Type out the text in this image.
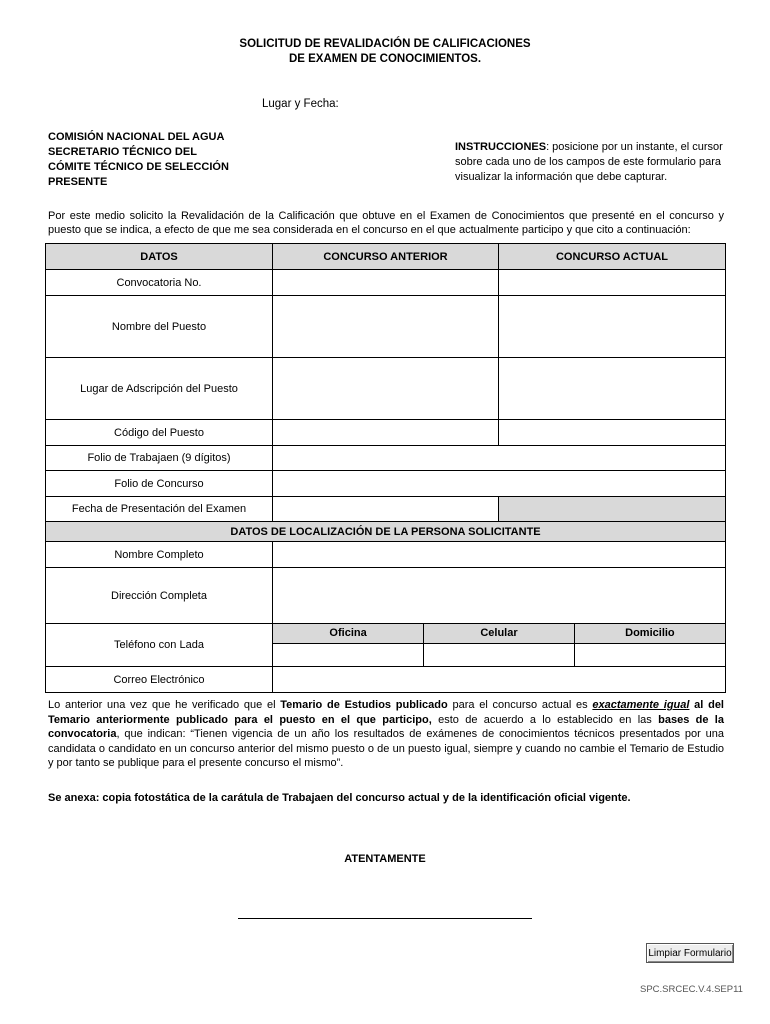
SOLICITUD DE REVALIDACIÓN DE CALIFICACIONES
DE EXAMEN DE CONOCIMIENTOS.
Lugar y Fecha:
COMISIÓN NACIONAL DEL AGUA
SECRETARIO TÉCNICO DEL
CÓMITE TÉCNICO DE SELECCIÓN
PRESENTE
INSTRUCCIONES: posicione por un instante, el cursor sobre cada uno de los campos de este formulario para visualizar la información que debe capturar.
Por este medio solicito la Revalidación de la Calificación que obtuve en el Examen de Conocimientos que presenté en el concurso y puesto que se indica, a efecto de que me sea considerada en el concurso en el que actualmente participo y que cito a continuación:
DATOS	CONCURSO ANTERIOR	CONCURSO ACTUAL
Convocatoria No.		
Nombre del Puesto		
Lugar de Adscripción del Puesto		
Código del Puesto		
Folio de Trabajaen (9 dígitos)	
Folio de Concurso	
Fecha de Presentación del Examen		
DATOS DE LOCALIZACIÓN DE LA PERSONA SOLICITANTE
Nombre Completo	
Dirección Completa	
Teléfono con Lada	
Oficina	Celular	Domicilio

Correo Electrónico	
Lo anterior una vez que he verificado que el Temario de Estudios publicado para el concurso actual es exactamente igual al del Temario anteriormente publicado para el puesto en el que participo, esto de acuerdo a lo establecido en las bases de la convocatoria, que indican: “Tienen vigencia de un año los resultados de exámenes de conocimientos técnicos presentados por una candidata o candidato en un concurso anterior del mismo puesto o de un puesto igual, siempre y cuando no cambie el Temario de Estudio y por tanto se publique para el presente concurso el mismo”.
Se anexa: copia fotostática de la carátula de Trabajaen del concurso actual y de la identificación oficial vigente.
ATENTAMENTE
Limpiar Formulario
SPC.SRCEC.V.4.SEP11
